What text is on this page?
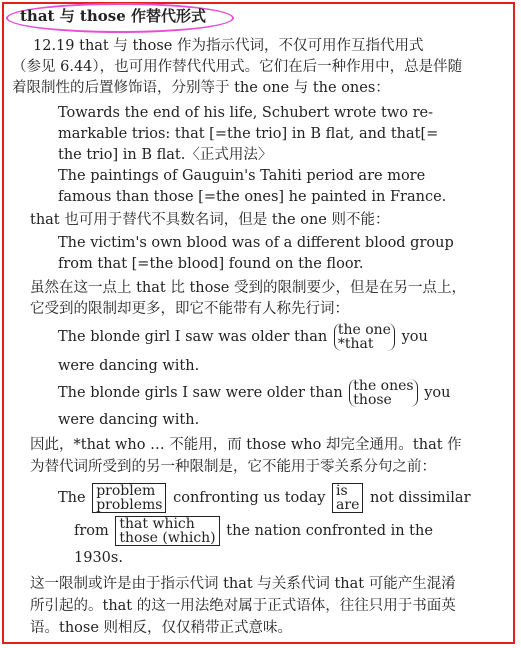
that 与 those 作替代形式
12.19 that 与 those 作为指示代词，不仅可用作互指代用式
（参见 6.44），也可用作替代代用式。它们在后一种作用中，总是伴随
着限制性的后置修饰语，分别等于 the one 与 the ones：
Towards the end of his life, Schubert wrote two re-
markable trios: that [=the trio] in B flat, and that[=
the trio] in B flat.〈正式用法〉
The paintings of Gauguin's Tahiti period are more
famous than those [=the ones] he painted in France.
that 也可用于替代不具数名词，但是 the one 则不能：
The victim's own blood was of a different blood group
from that [=the blood] found on the floor.
虽然在这一点上 that 比 those 受到的限制要少，但是在另一点上，
它受到的限制却更多，即它不能带有人称先行词：
The blonde girl I saw was older than the one
*that	you
were dancing with.
The blonde girls I saw were older than the ones
those	you
were dancing with.
因此，*that who … 不能用，而 those who 却完全通用。that 作
为替代词所受到的另一种限制是，它不能用于零关系分句之前：
The problem
problems confronting us today is
are not dissimilar
from that which
those (which) the nation confronted in the
1930s.
这一限制或许是由于指示代词 that 与关系代词 that 可能产生混淆
所引起的。that 的这一用法绝对属于正式语体，往往只用于书面英
语。those 则相反，仅仅稍带正式意味。
